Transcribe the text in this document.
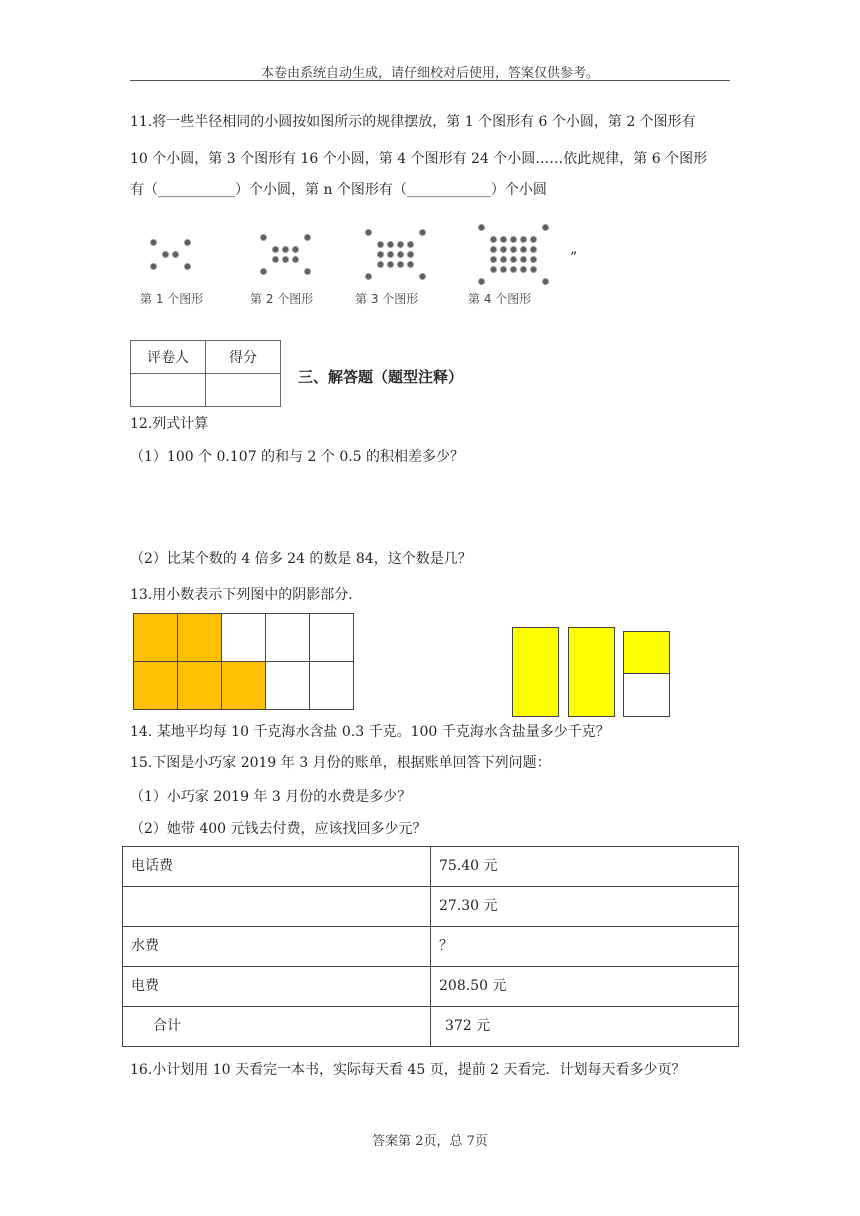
本卷由系统自动生成，请仔细校对后使用，答案仅供参考。
11.将一些半径相同的小圆按如图所示的规律摆放，第 1 个图形有 6 个小圆，第 2 个图形有
10 个小圆，第 3 个图形有 16 个小圆，第 4 个图形有 24 个小圆……依此规律，第 6 个图形
有（___________）个小圆，第 n 个图形有（____________）个小圆
第 1 个图形	第 2 个图形	第 3 个图形	第 4 个图形
”
评卷人	得分

三、解答题（题型注释）
12.列式计算
（1）100 个 0.107 的和与 2 个 0.5 的积相差多少？
（2）比某个数的 4 倍多 24 的数是 84，这个数是几？
13.用小数表示下列图中的阴影部分.
14. 某地平均每 10 千克海水含盐 0.3 千克。100 千克海水含盐量多少千克？
15.下图是小巧家 2019 年 3 月份的账单，根据账单回答下列问题：
（1）小巧家 2019 年 3 月份的水费是多少？
（2）她带 400 元钱去付费，应该找回多少元？
电话费	75.40 元
	27.30 元
水费	？
电费	208.50 元
合计	372 元
16.小计划用 10 天看完一本书，实际每天看 45 页，提前 2 天看完．计划每天看多少页？
答案第 2页，总 7页
